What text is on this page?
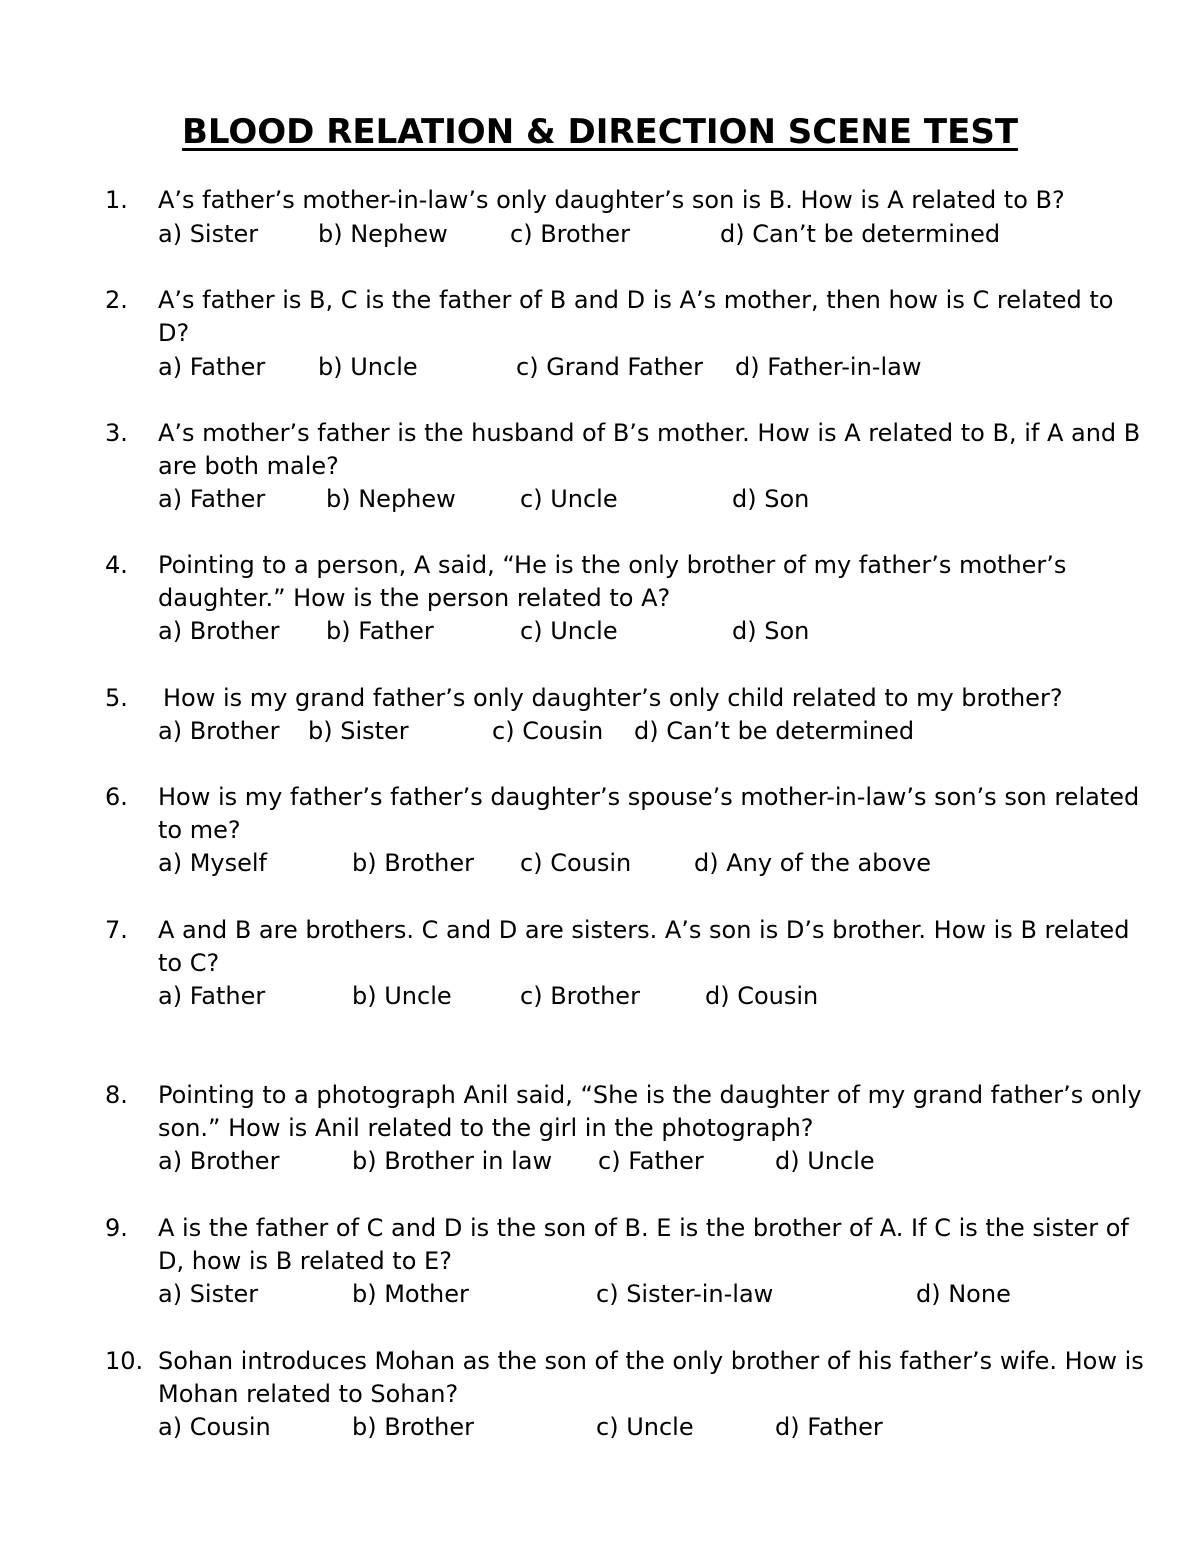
BLOOD RELATION & DIRECTION SCENE TEST
1. A’s father’s mother-in-law’s only daughter’s son is B. How is A related to B?
a) Sister b) Nephew	c) Brother	d) Can’t be determined
2. A’s father is B, C is the father of B and D is A’s mother, then how is C related to D?
a) Father b) Uncle	c) Grand Father d) Father-in-law
3. A’s mother’s father is the husband of B’s mother. How is A related to B, if A and B are both male?
a) Father	b) Nephew	c) Uncle	d) Son
4. Pointing to a person, A said, “He is the only brother of my father’s mother’s daughter.” How is the person related to A?
a) Brother b) Father	c) Uncle	d) Son
5. How is my grand father’s only daughter’s only child related to my brother?
a) Brother b) Sister	c) Cousin d) Can’t be determined
6. How is my father’s father’s daughter’s spouse’s mother-in-law’s son’s son related to me?
a) Myself	b) Brother c) Cousin	d) Any of the above
7. A and B are brothers. C and D are sisters. A’s son is D’s brother. How is B related to C?
a) Father	b) Uncle	c) Brother	d) Cousin
8. Pointing to a photograph Anil said, “She is the daughter of my grand father’s only son.” How is Anil related to the girl in the photograph?
a) Brother	b) Brother in law c) Father	d) Uncle
9. A is the father of C and D is the son of B. E is the brother of A. If C is the sister of D, how is B related to E?
a) Sister	b) Mother	c) Sister-in-law	d) None
10. Sohan introduces Mohan as the son of the only brother of his father’s wife. How is Mohan related to Sohan?
a) Cousin	b) Brother	c) Uncle	d) Father
